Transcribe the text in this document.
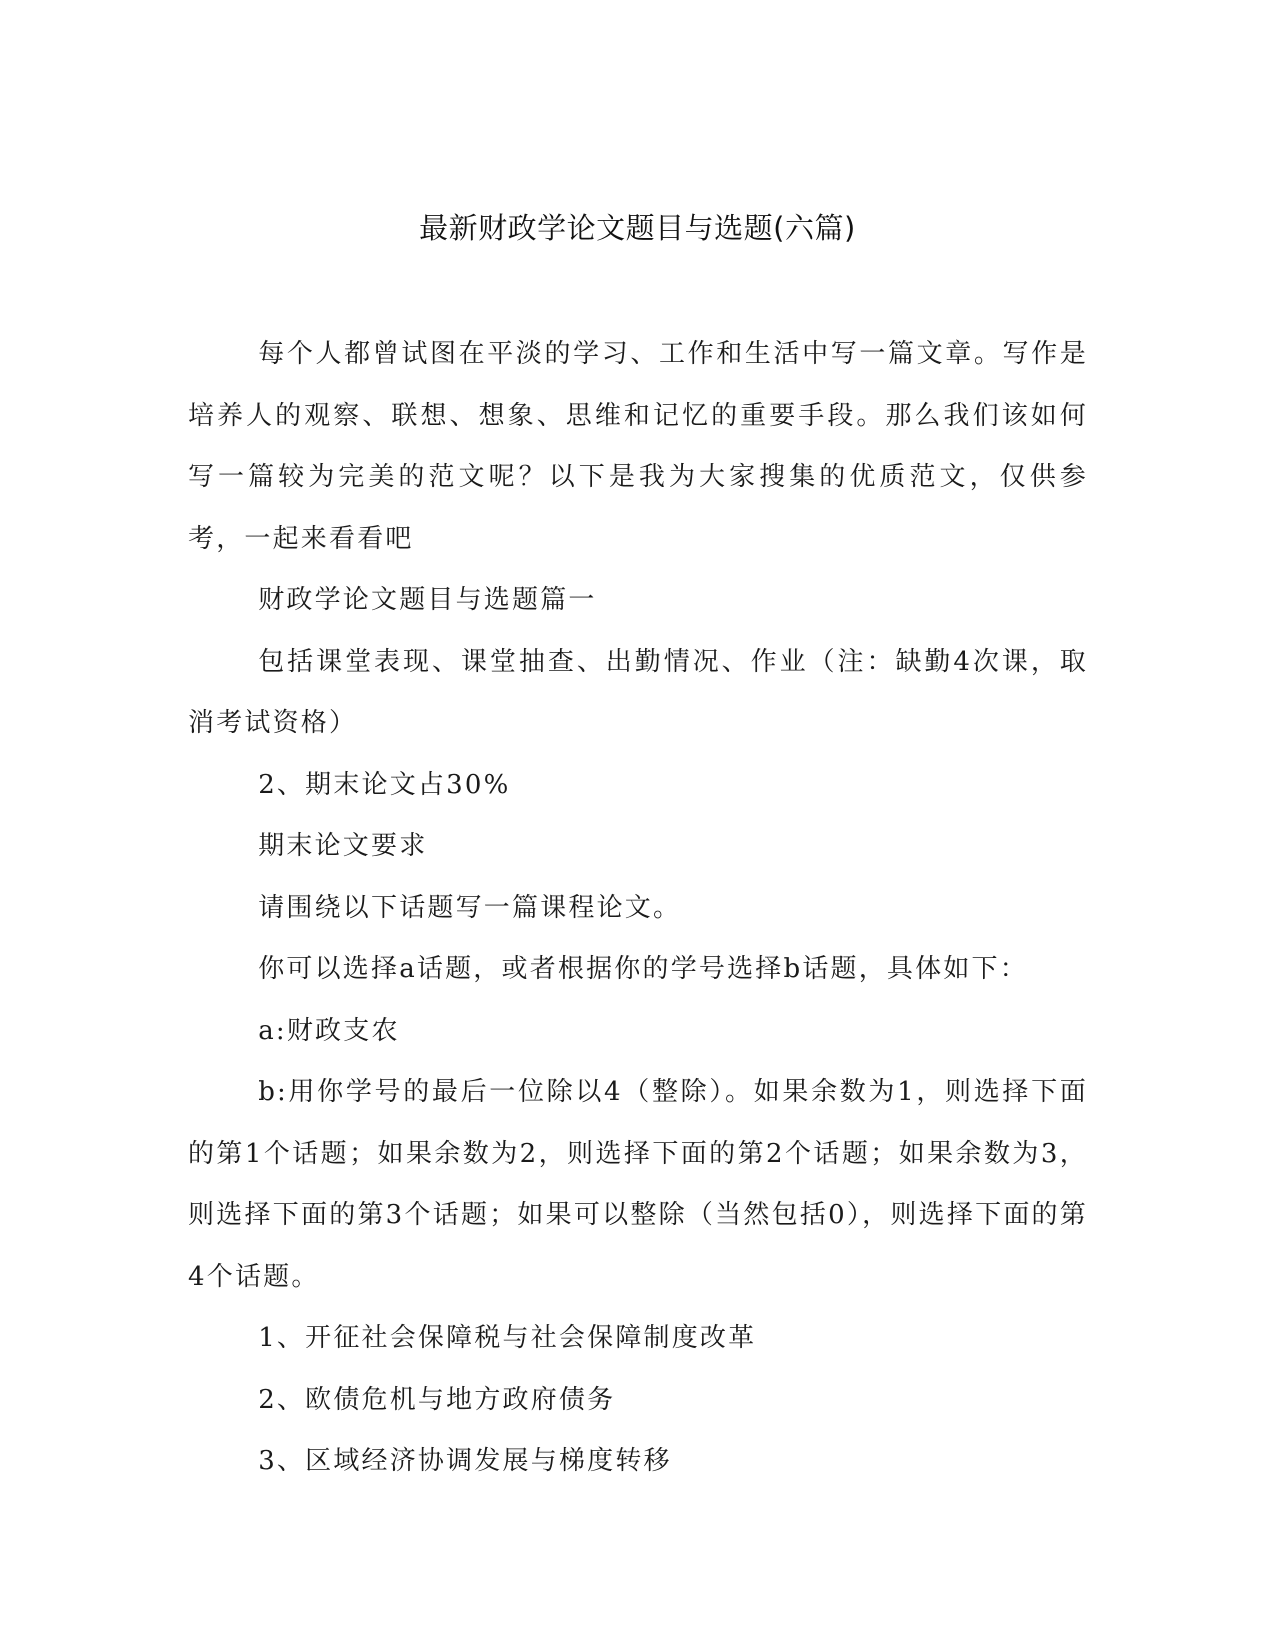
最新财政学论文题目与选题(六篇)

每个人都曾试图在平淡的学习、工作和生活中写一篇文章。写作是培养人的观察、联想、想象、思维和记忆的重要手段。那么我们该如何写一篇较为完美的范文呢？以下是我为大家搜集的优质范文，仅供参考，一起来看看吧

财政学论文题目与选题篇一

包括课堂表现、课堂抽查、出勤情况、作业（注：缺勤4次课，取消考试资格）

2、期末论文占30%

期末论文要求

请围绕以下话题写一篇课程论文。

你可以选择a话题，或者根据你的学号选择b话题，具体如下：

a:财政支农

b:用你学号的最后一位除以4（整除）。如果余数为1，则选择下面的第1个话题；如果余数为2，则选择下面的第2个话题；如果余数为3，则选择下面的第3个话题；如果可以整除（当然包括0），则选择下面的第4个话题。

1、开征社会保障税与社会保障制度改革

2、欧债危机与地方政府债务

3、区域经济协调发展与梯度转移
